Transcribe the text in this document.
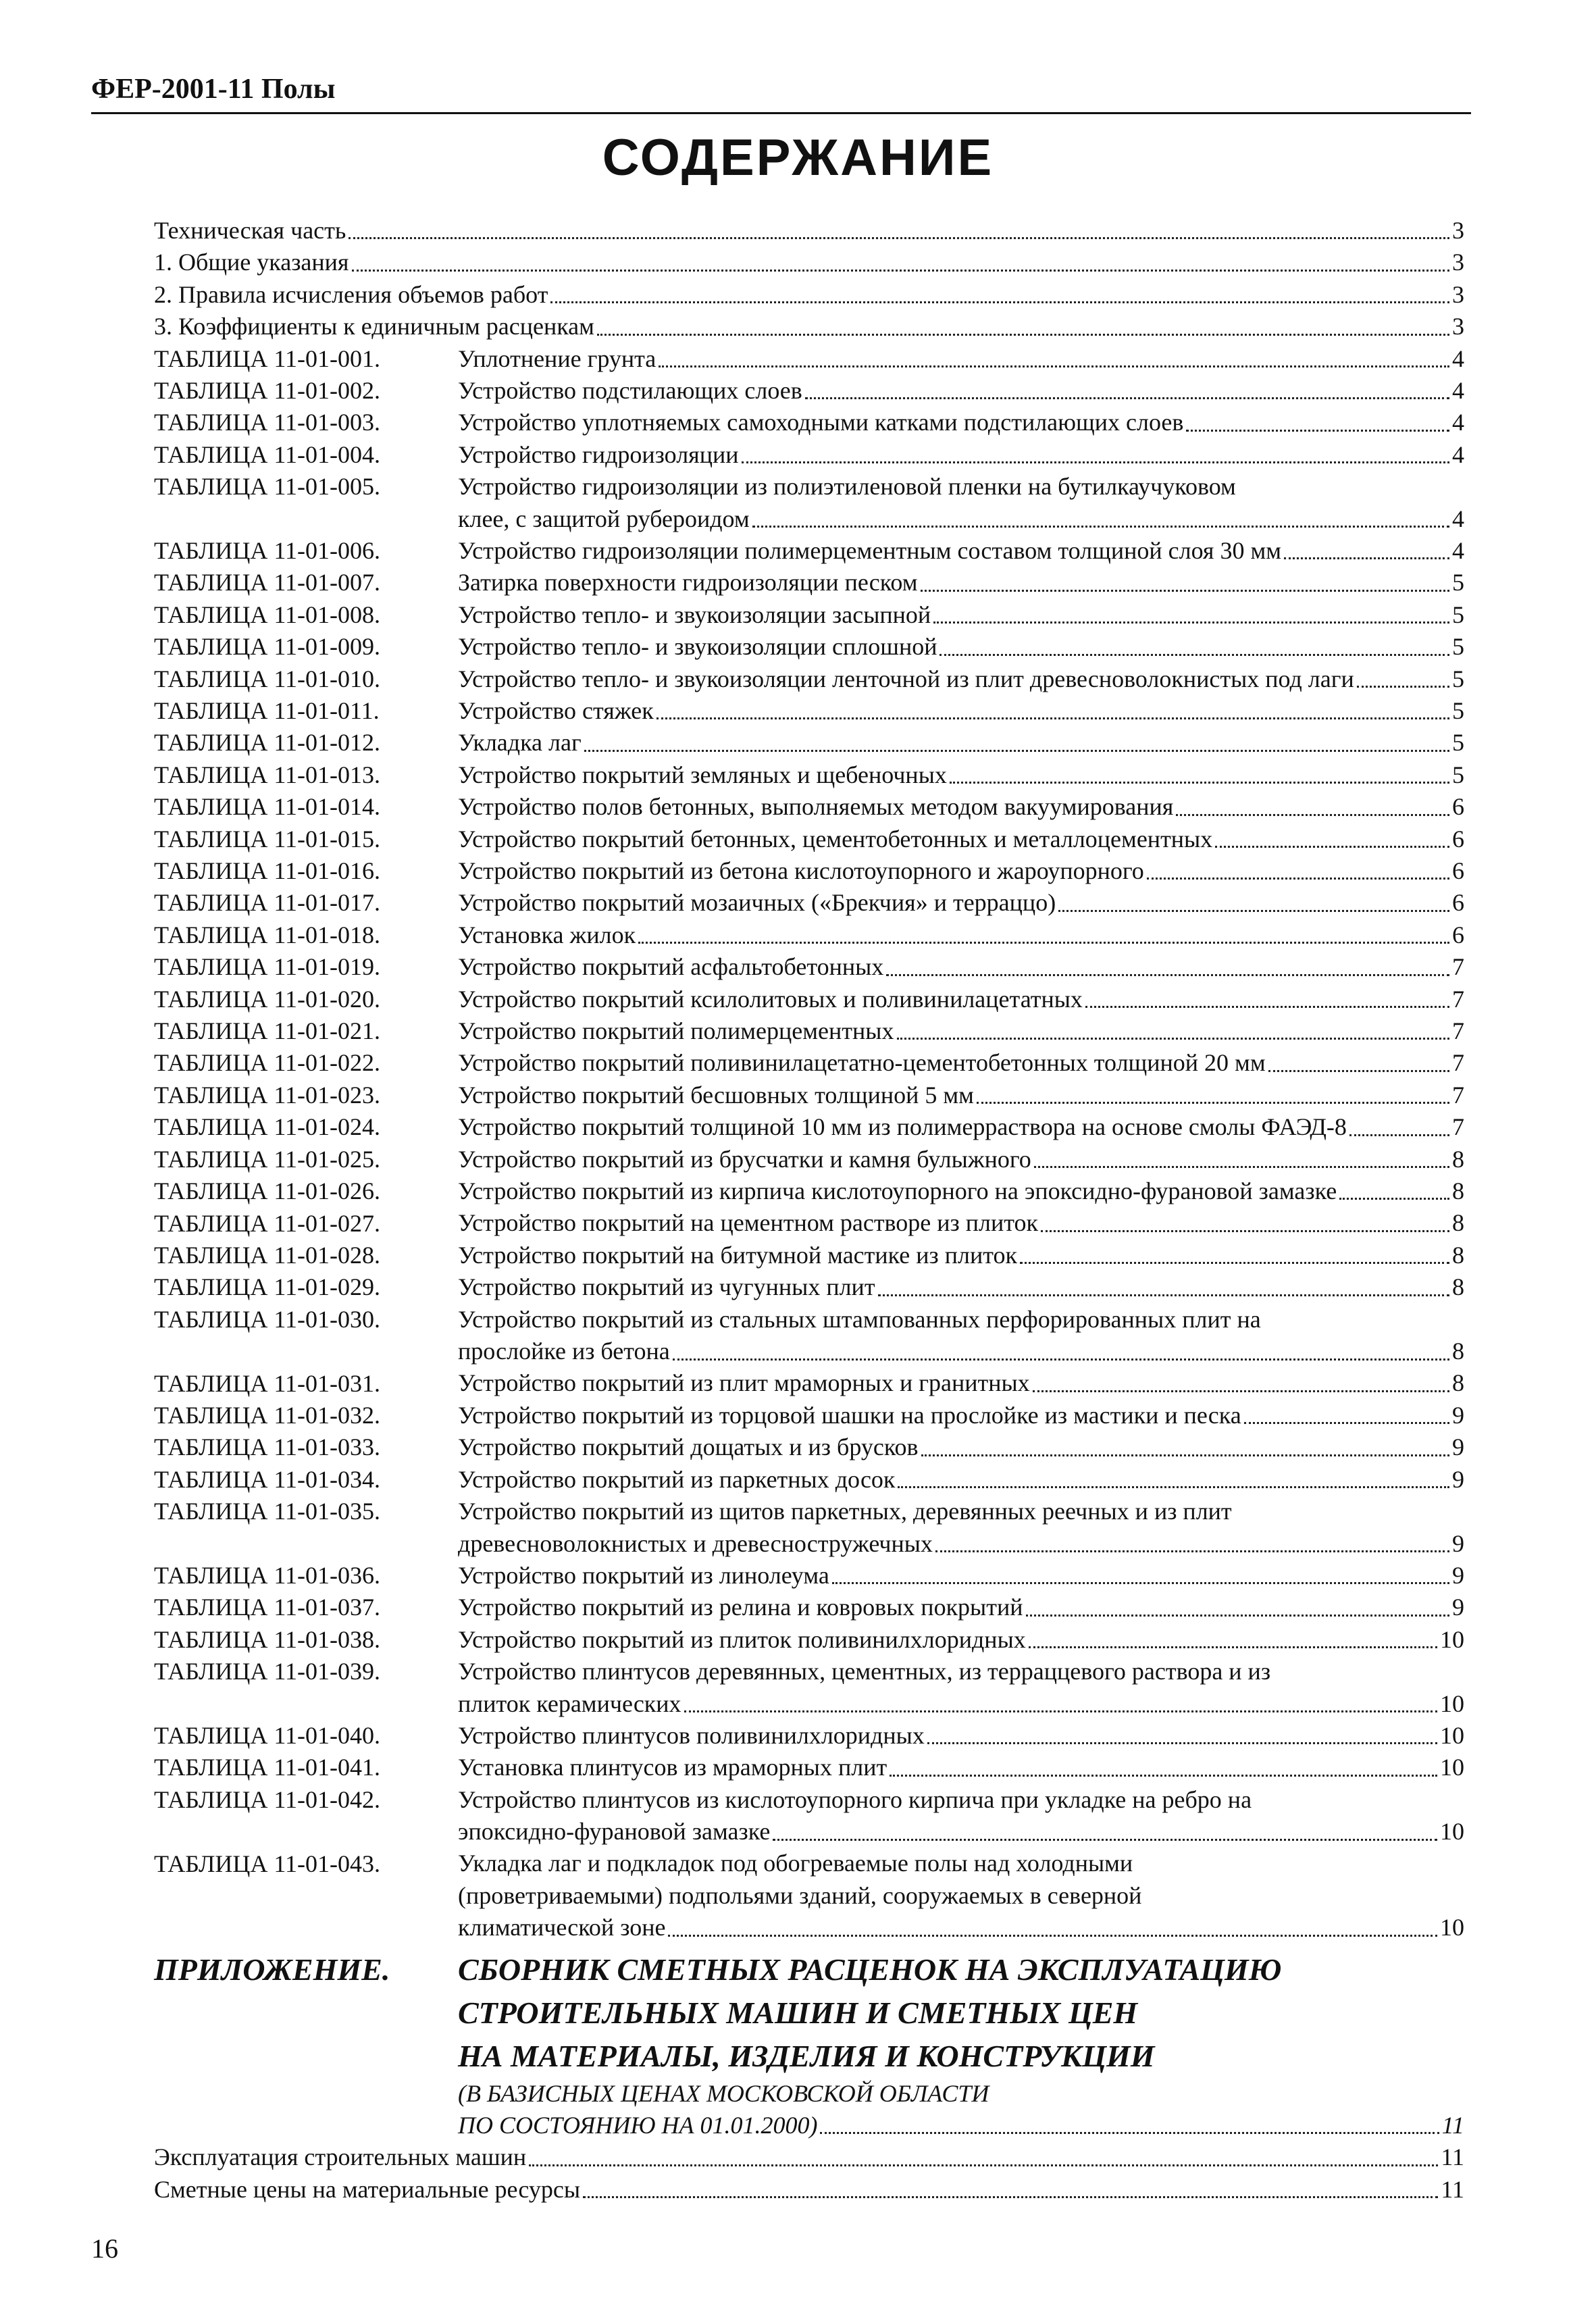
ФЕР-2001-11 Полы
СОДЕРЖАНИЕ
Техническая часть	3
1. Общие указания	3
2. Правила исчисления объемов работ	3
3. Коэффициенты к единичным расценкам	3
ТАБЛИЦА 11-01-001.	Уплотнение грунта	4
ТАБЛИЦА 11-01-002.	Устройство подстилающих слоев	4
ТАБЛИЦА 11-01-003.	Устройство уплотняемых самоходными катками подстилающих слоев	4
ТАБЛИЦА 11-01-004.	Устройство гидроизоляции	4
ТАБЛИЦА 11-01-005.	Устройство гидроизоляции из полиэтиленовой пленки на бутилкаучуковом
клее, с защитой рубероидом	4
ТАБЛИЦА 11-01-006.	Устройство гидроизоляции полимерцементным составом толщиной слоя 30 мм	4
ТАБЛИЦА 11-01-007.	Затирка поверхности гидроизоляции песком	5
ТАБЛИЦА 11-01-008.	Устройство тепло- и звукоизоляции засыпной	5
ТАБЛИЦА 11-01-009.	Устройство тепло- и звукоизоляции сплошной	5
ТАБЛИЦА 11-01-010.	Устройство тепло- и звукоизоляции ленточной из плит древесноволокнистых под лаги	5
ТАБЛИЦА 11-01-011.	Устройство стяжек	5
ТАБЛИЦА 11-01-012.	Укладка лаг	5
ТАБЛИЦА 11-01-013.	Устройство покрытий земляных и щебеночных	5
ТАБЛИЦА 11-01-014.	Устройство полов бетонных, выполняемых методом вакуумирования	6
ТАБЛИЦА 11-01-015.	Устройство покрытий бетонных, цементобетонных и металлоцементных	6
ТАБЛИЦА 11-01-016.	Устройство покрытий из бетона кислотоупорного и жароупорного	6
ТАБЛИЦА 11-01-017.	Устройство покрытий мозаичных («Брекчия» и терраццо)	6
ТАБЛИЦА 11-01-018.	Установка жилок	6
ТАБЛИЦА 11-01-019.	Устройство покрытий асфальтобетонных	7
ТАБЛИЦА 11-01-020.	Устройство покрытий ксилолитовых и поливинилацетатных	7
ТАБЛИЦА 11-01-021.	Устройство покрытий полимерцементных	7
ТАБЛИЦА 11-01-022.	Устройство покрытий поливинилацетатно-цементобетонных толщиной 20 мм	7
ТАБЛИЦА 11-01-023.	Устройство покрытий бесшовных толщиной 5 мм	7
ТАБЛИЦА 11-01-024.	Устройство покрытий толщиной 10 мм из полимерраствора на основе смолы ФАЭД-8	7
ТАБЛИЦА 11-01-025.	Устройство покрытий из брусчатки и камня булыжного	8
ТАБЛИЦА 11-01-026.	Устройство покрытий из кирпича кислотоупорного на эпоксидно-фурановой замазке	8
ТАБЛИЦА 11-01-027.	Устройство покрытий на цементном растворе из плиток	8
ТАБЛИЦА 11-01-028.	Устройство покрытий на битумной мастике из плиток	8
ТАБЛИЦА 11-01-029.	Устройство покрытий из чугунных плит	8
ТАБЛИЦА 11-01-030.	Устройство покрытий из стальных штампованных перфорированных плит на
прослойке из бетона	8
ТАБЛИЦА 11-01-031.	Устройство покрытий из плит мраморных и гранитных	8
ТАБЛИЦА 11-01-032.	Устройство покрытий из торцовой шашки на прослойке из мастики и песка	9
ТАБЛИЦА 11-01-033.	Устройство покрытий дощатых и из брусков	9
ТАБЛИЦА 11-01-034.	Устройство покрытий из паркетных досок	9
ТАБЛИЦА 11-01-035.	Устройство покрытий из щитов паркетных, деревянных реечных и из плит
древесноволокнистых и древесностружечных	9
ТАБЛИЦА 11-01-036.	Устройство покрытий из линолеума	9
ТАБЛИЦА 11-01-037.	Устройство покрытий из релина и ковровых покрытий	9
ТАБЛИЦА 11-01-038.	Устройство покрытий из плиток поливинилхлоридных	10
ТАБЛИЦА 11-01-039.	Устройство плинтусов деревянных, цементных, из терраццевого раствора и из
плиток керамических	10
ТАБЛИЦА 11-01-040.	Устройство плинтусов поливинилхлоридных	10
ТАБЛИЦА 11-01-041.	Установка плинтусов из мраморных плит	10
ТАБЛИЦА 11-01-042.	Устройство плинтусов из кислотоупорного кирпича при укладке на ребро на
эпоксидно-фурановой замазке	10
ТАБЛИЦА 11-01-043.	Укладка лаг и подкладок под обогреваемые полы над холодными
(проветриваемыми) подпольями зданий, сооружаемых в северной
климатической зоне	10
ПРИЛОЖЕНИЕ.	СБОРНИК СМЕТНЫХ РАСЦЕНОК НА ЭКСПЛУАТАЦИЮ
СТРОИТЕЛЬНЫХ МАШИН И СМЕТНЫХ ЦЕН
НА МАТЕРИАЛЫ, ИЗДЕЛИЯ И КОНСТРУКЦИИ
(В БАЗИСНЫХ ЦЕНАХ МОСКОВСКОЙ ОБЛАСТИ
ПО СОСТОЯНИЮ НА 01.01.2000)	11
Эксплуатация строительных машин	11
Сметные цены на материальные ресурсы	11
16
